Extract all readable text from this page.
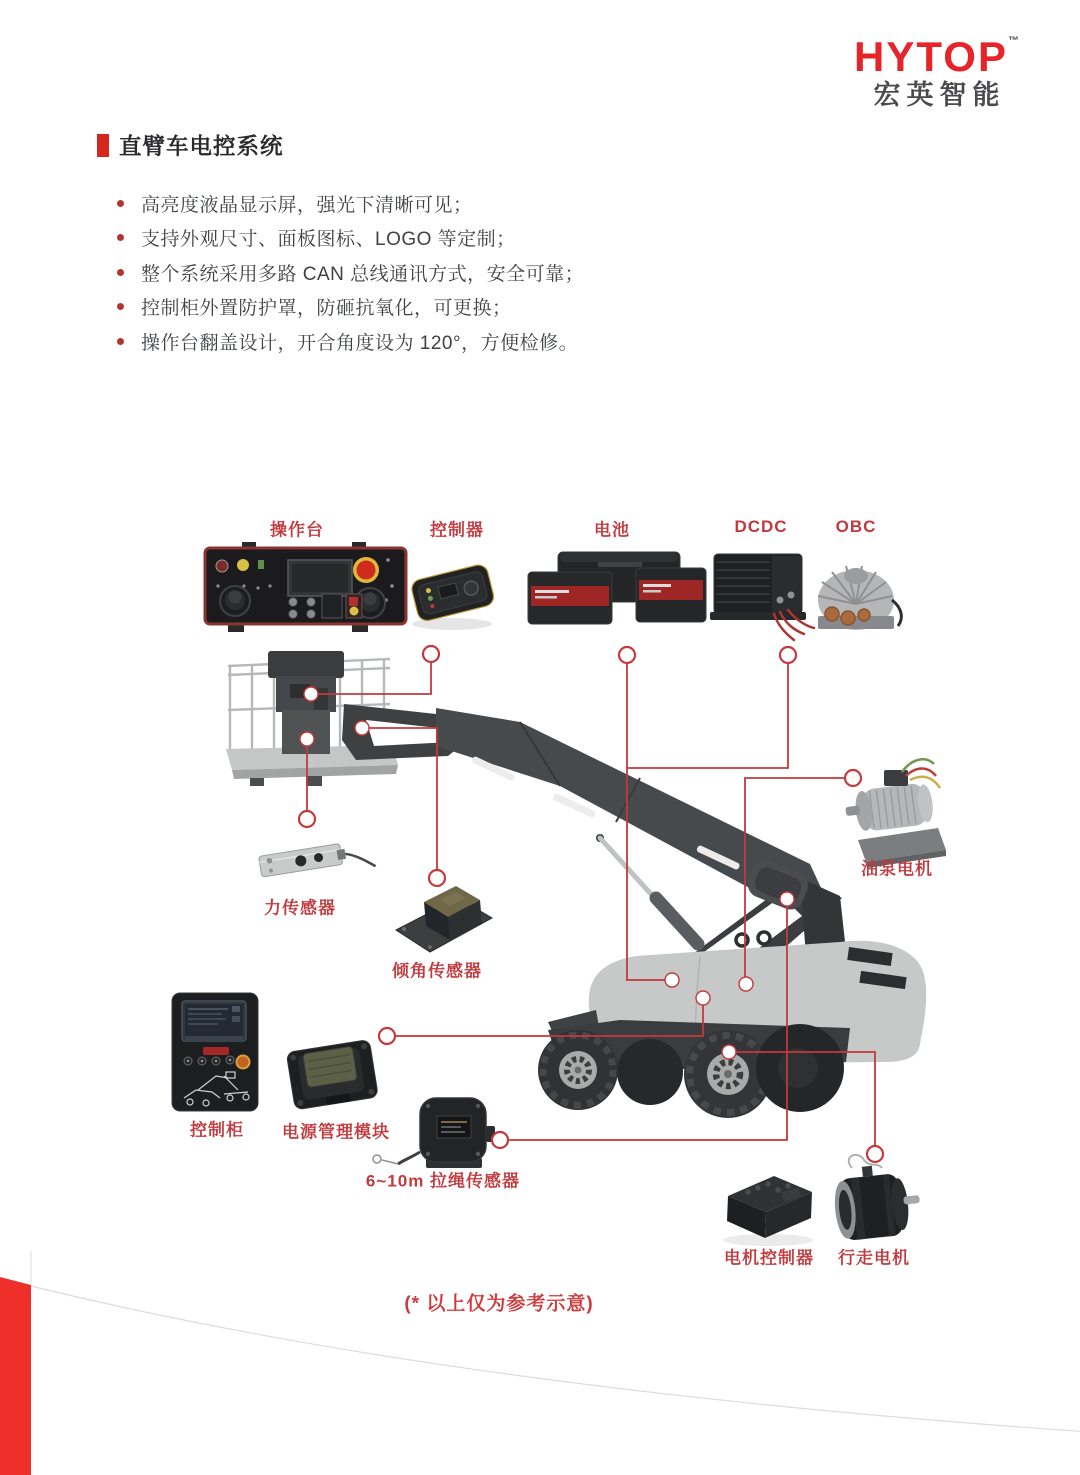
HYTOP™
宏英智能
直臂车电控系统
高亮度液晶显示屏，强光下清晰可见；
支持外观尺寸、面板图标、LOGO 等定制；
整个系统采用多路 CAN 总线通讯方式，安全可靠；
控制柜外置防护罩，防砸抗氧化，可更换；
操作台翻盖设计，开合角度设为 120°，方便检修。
操作台	控制器	电池	DCDC	OBC
油泵电机
力传感器
倾角传感器
控制柜 电源管理模块
6~10m 拉绳传感器
电机控制器 行走电机
(* 以上仅为参考示意)
